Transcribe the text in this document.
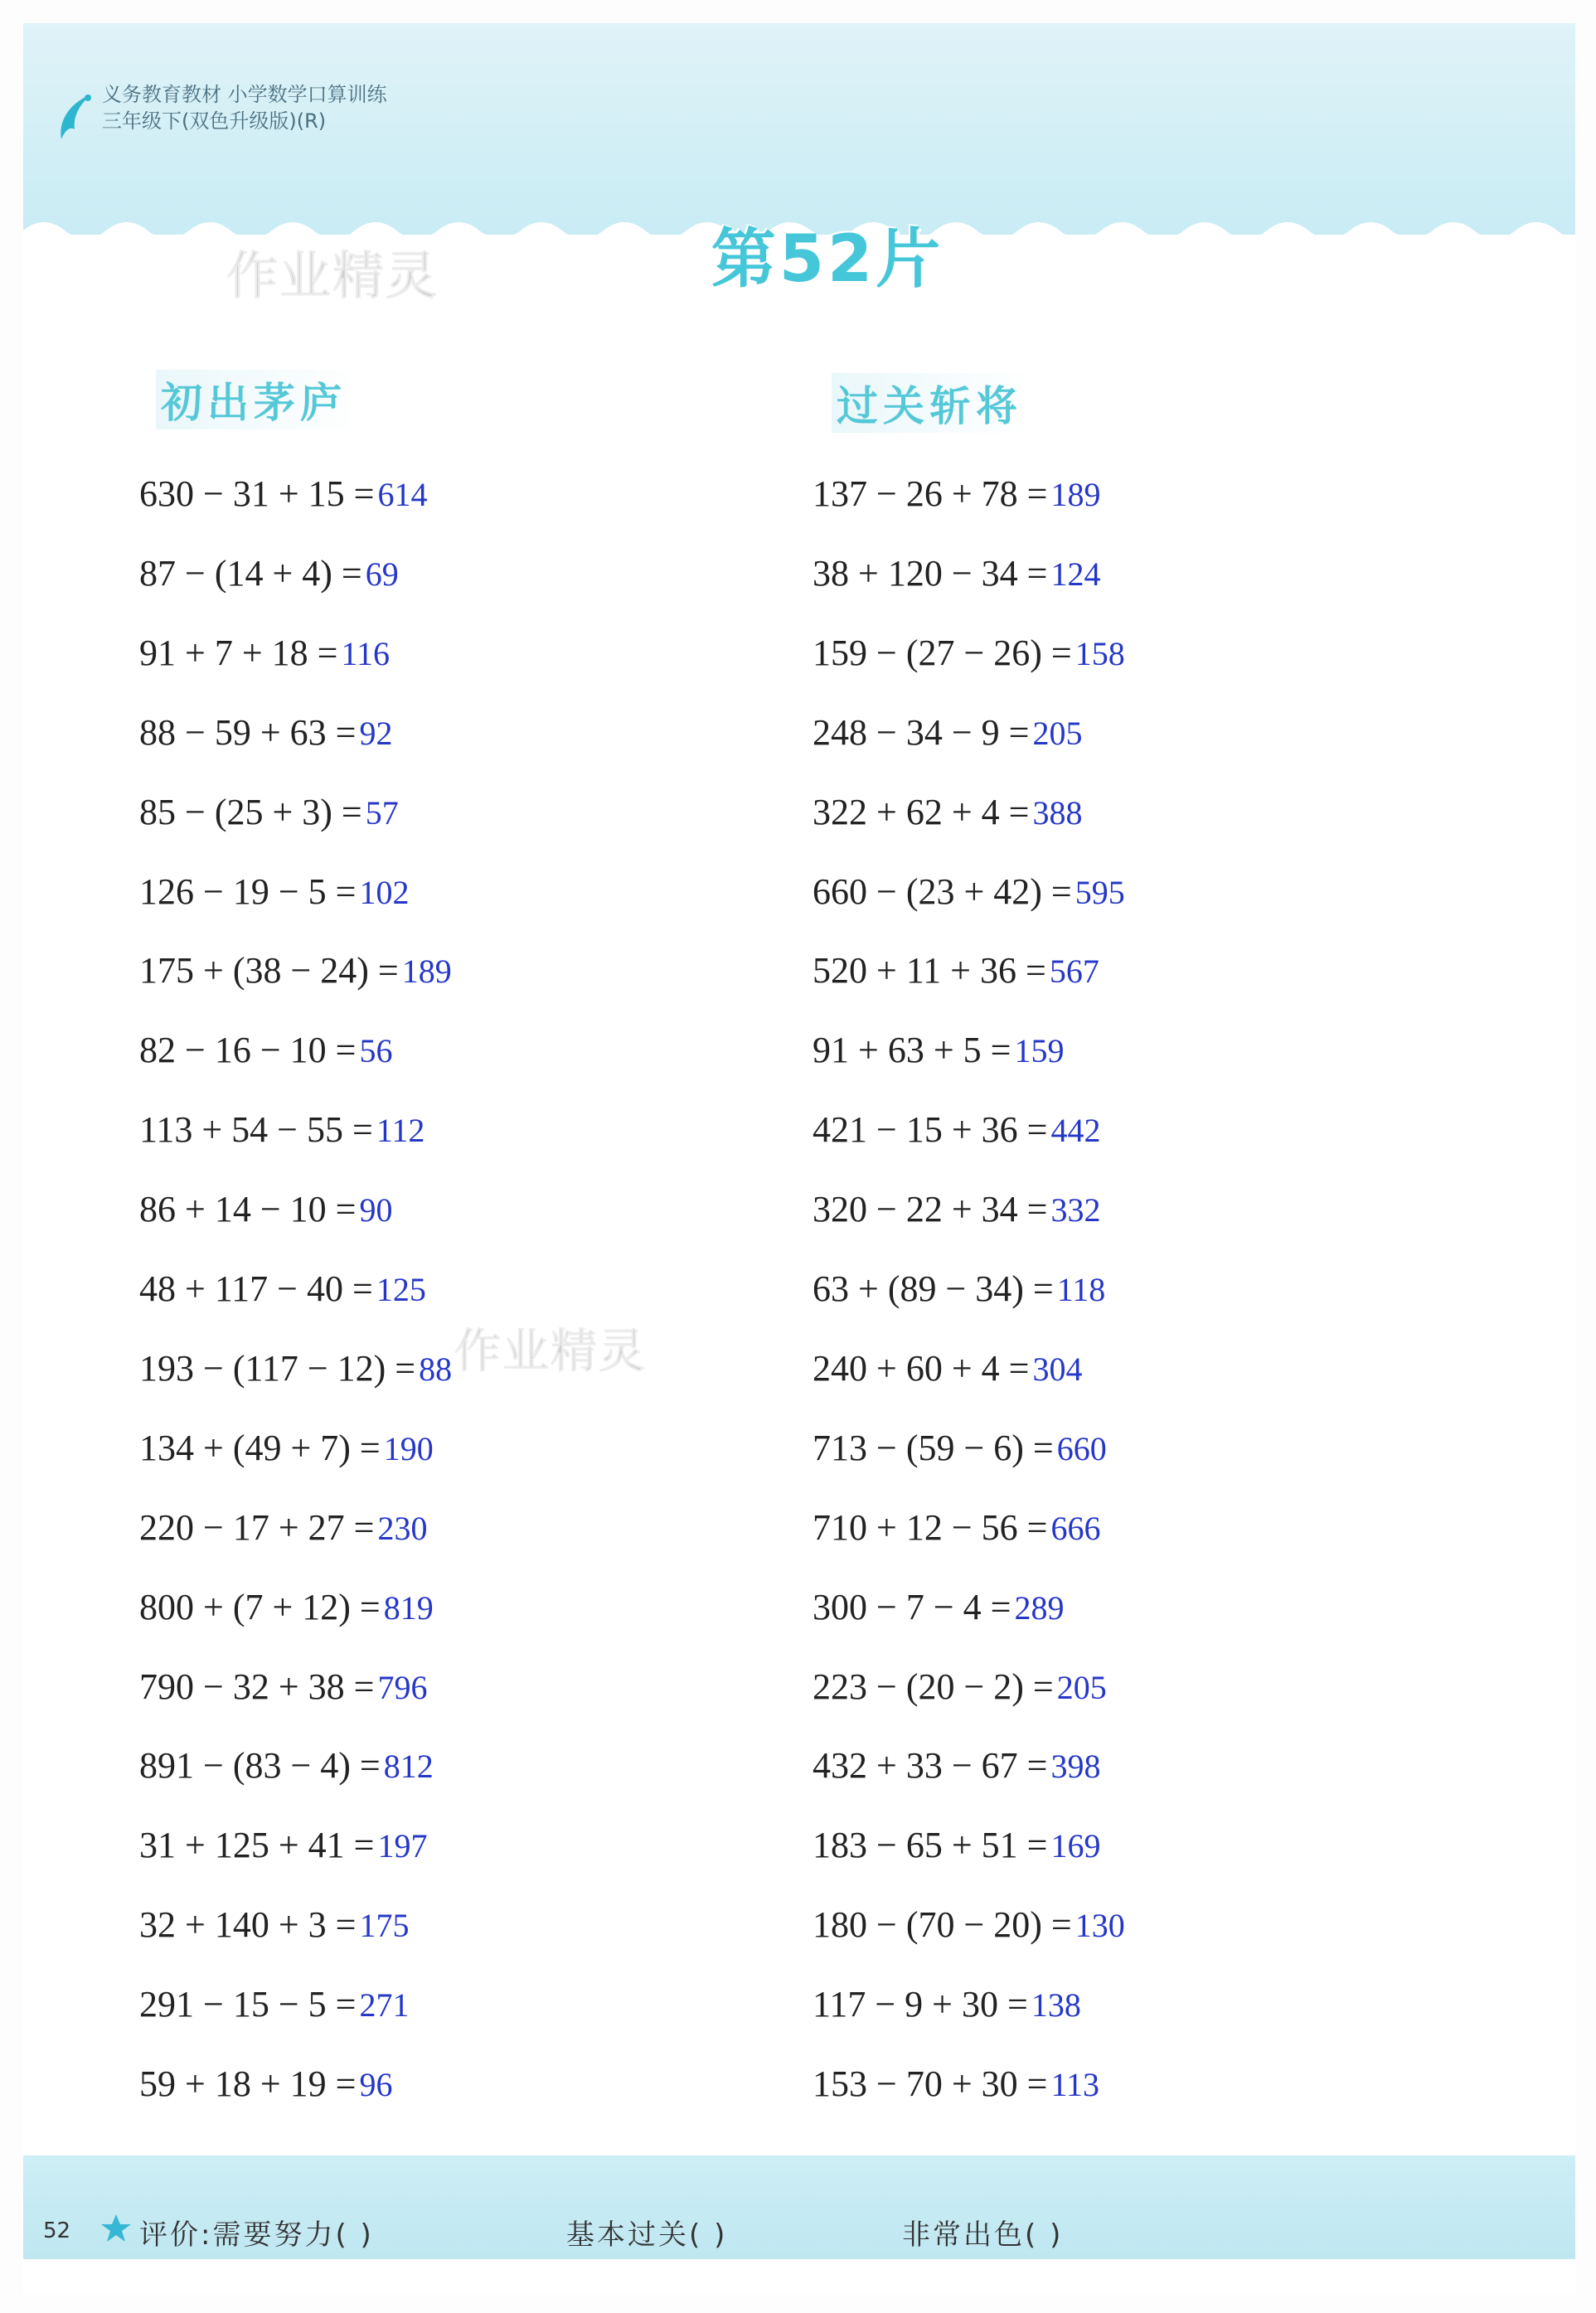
义务教育教材 小学数学口算训练
三年级下(双色升级版)(R)
第52片
作业精灵
作业精灵
初出茅庐	过关斩将
630 − 31 + 15 = 614
87 − (14 + 4) = 69
91 + 7 + 18 = 116
88 − 59 + 63 = 92
85 − (25 + 3) = 57
126 − 19 − 5 = 102
175 + (38 − 24) = 189
82 − 16 − 10 = 56
113 + 54 − 55 = 112
86 + 14 − 10 = 90
48 + 117 − 40 = 125
193 − (117 − 12) = 88
134 + (49 + 7) = 190
220 − 17 + 27 = 230
800 + (7 + 12) = 819
790 − 32 + 38 = 796
891 − (83 − 4) = 812
31 + 125 + 41 = 197
32 + 140 + 3 = 175
291 − 15 − 5 = 271
59 + 18 + 19 = 96
137 − 26 + 78 = 189
38 + 120 − 34 = 124
159 − (27 − 26) = 158
248 − 34 − 9 = 205
322 + 62 + 4 = 388
660 − (23 + 42) = 595
520 + 11 + 36 = 567
91 + 63 + 5 = 159
421 − 15 + 36 = 442
320 − 22 + 34 = 332
63 + (89 − 34) = 118
240 + 60 + 4 = 304
713 − (59 − 6) = 660
710 + 12 − 56 = 666
300 − 7 − 4 = 289
223 − (20 − 2) = 205
432 + 33 − 67 = 398
183 − 65 + 51 = 169
180 − (70 − 20) = 130
117 − 9 + 30 = 138
153 − 70 + 30 = 113
52 评价:需要努力( )	基本过关( )	非常出色( )
